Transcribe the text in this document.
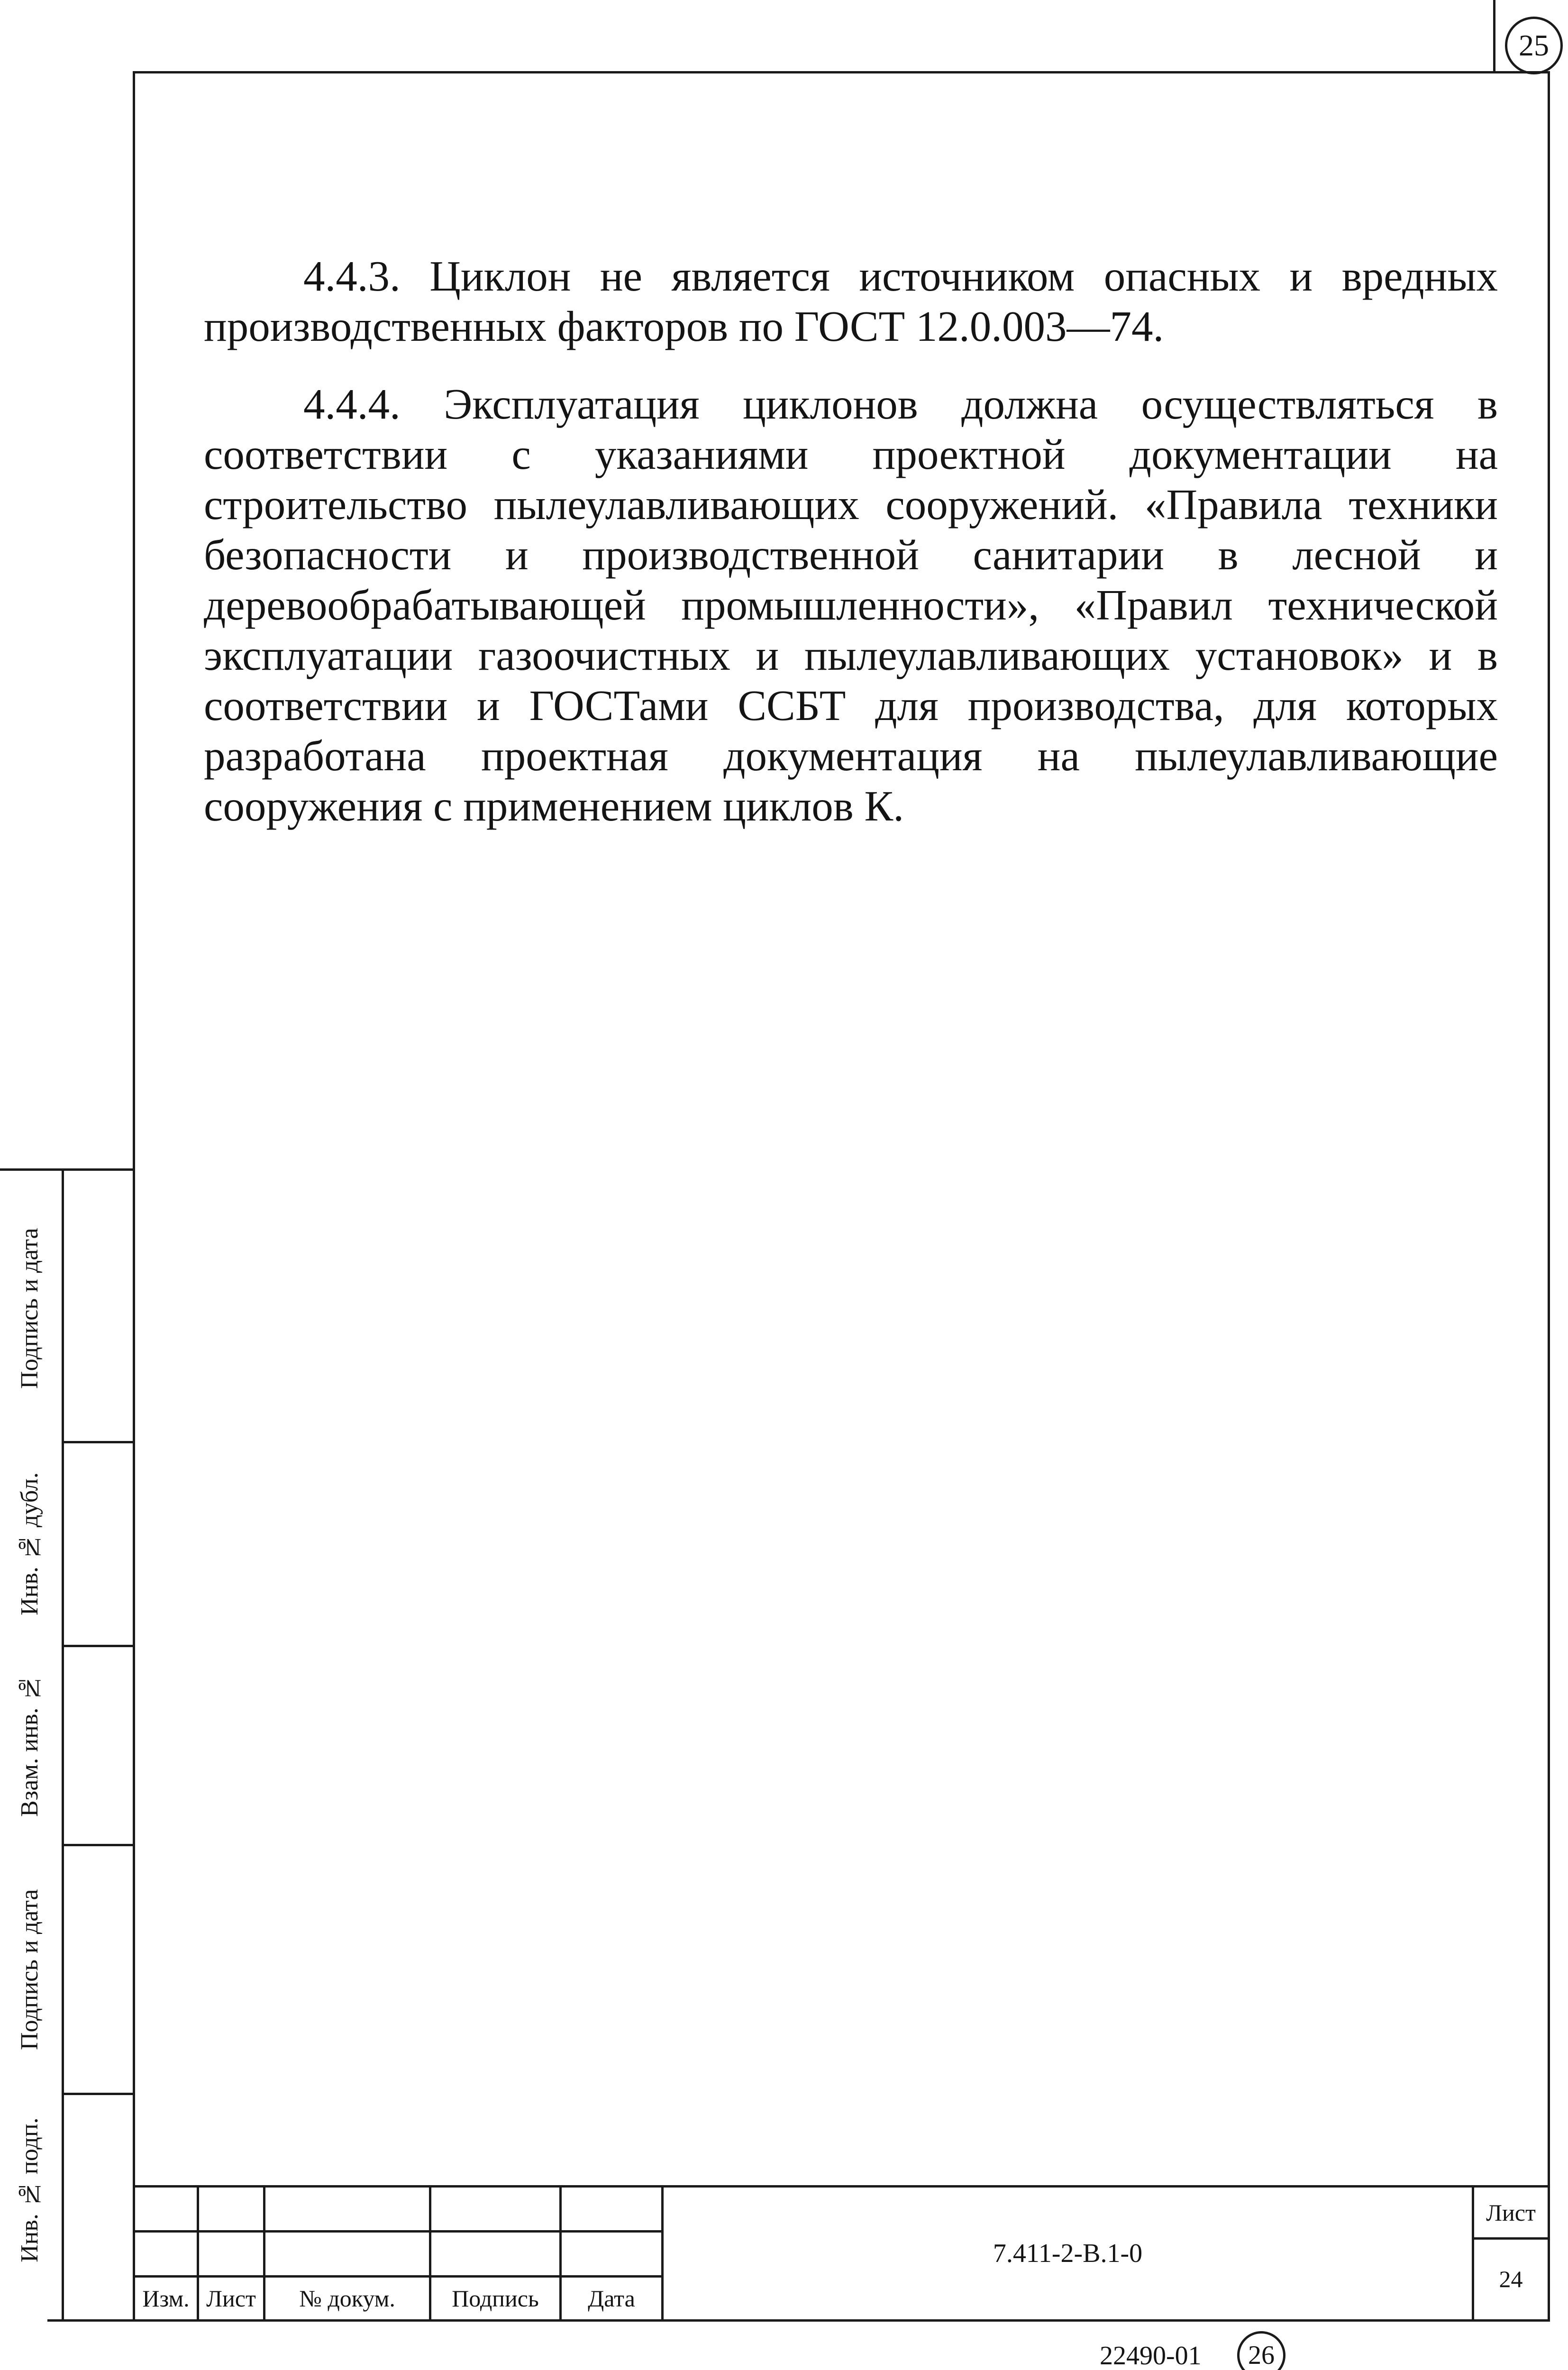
25
4.4.3. Циклон не является источником опасных и вредных производственных факторов по ГОСТ 12.0.003—74.
4.4.4. Эксплуатация циклонов должна осуществляться в соответствии с указаниями проектной документации на строительство пылеулавливающих сооружений. «Правила техники безопасности и производственной санитарии в лесной и деревообрабатывающей промышленности», «Правил технической эксплуатации газоочистных и пылеулавливающих установок» и в соответствии и ГОСТами ССБТ для производства, для которых разработана проектная документация на пылеулавливающие сооружения с применением циклов К.
Подпись и дата
Инв. № дубл.
Взам. инв. №
Подпись и дата
Инв. № подп.
Изм. Лист	№ докум.	Подпись	Дата
7.411-2-В.1-0
Лист
24
22490-01 26
